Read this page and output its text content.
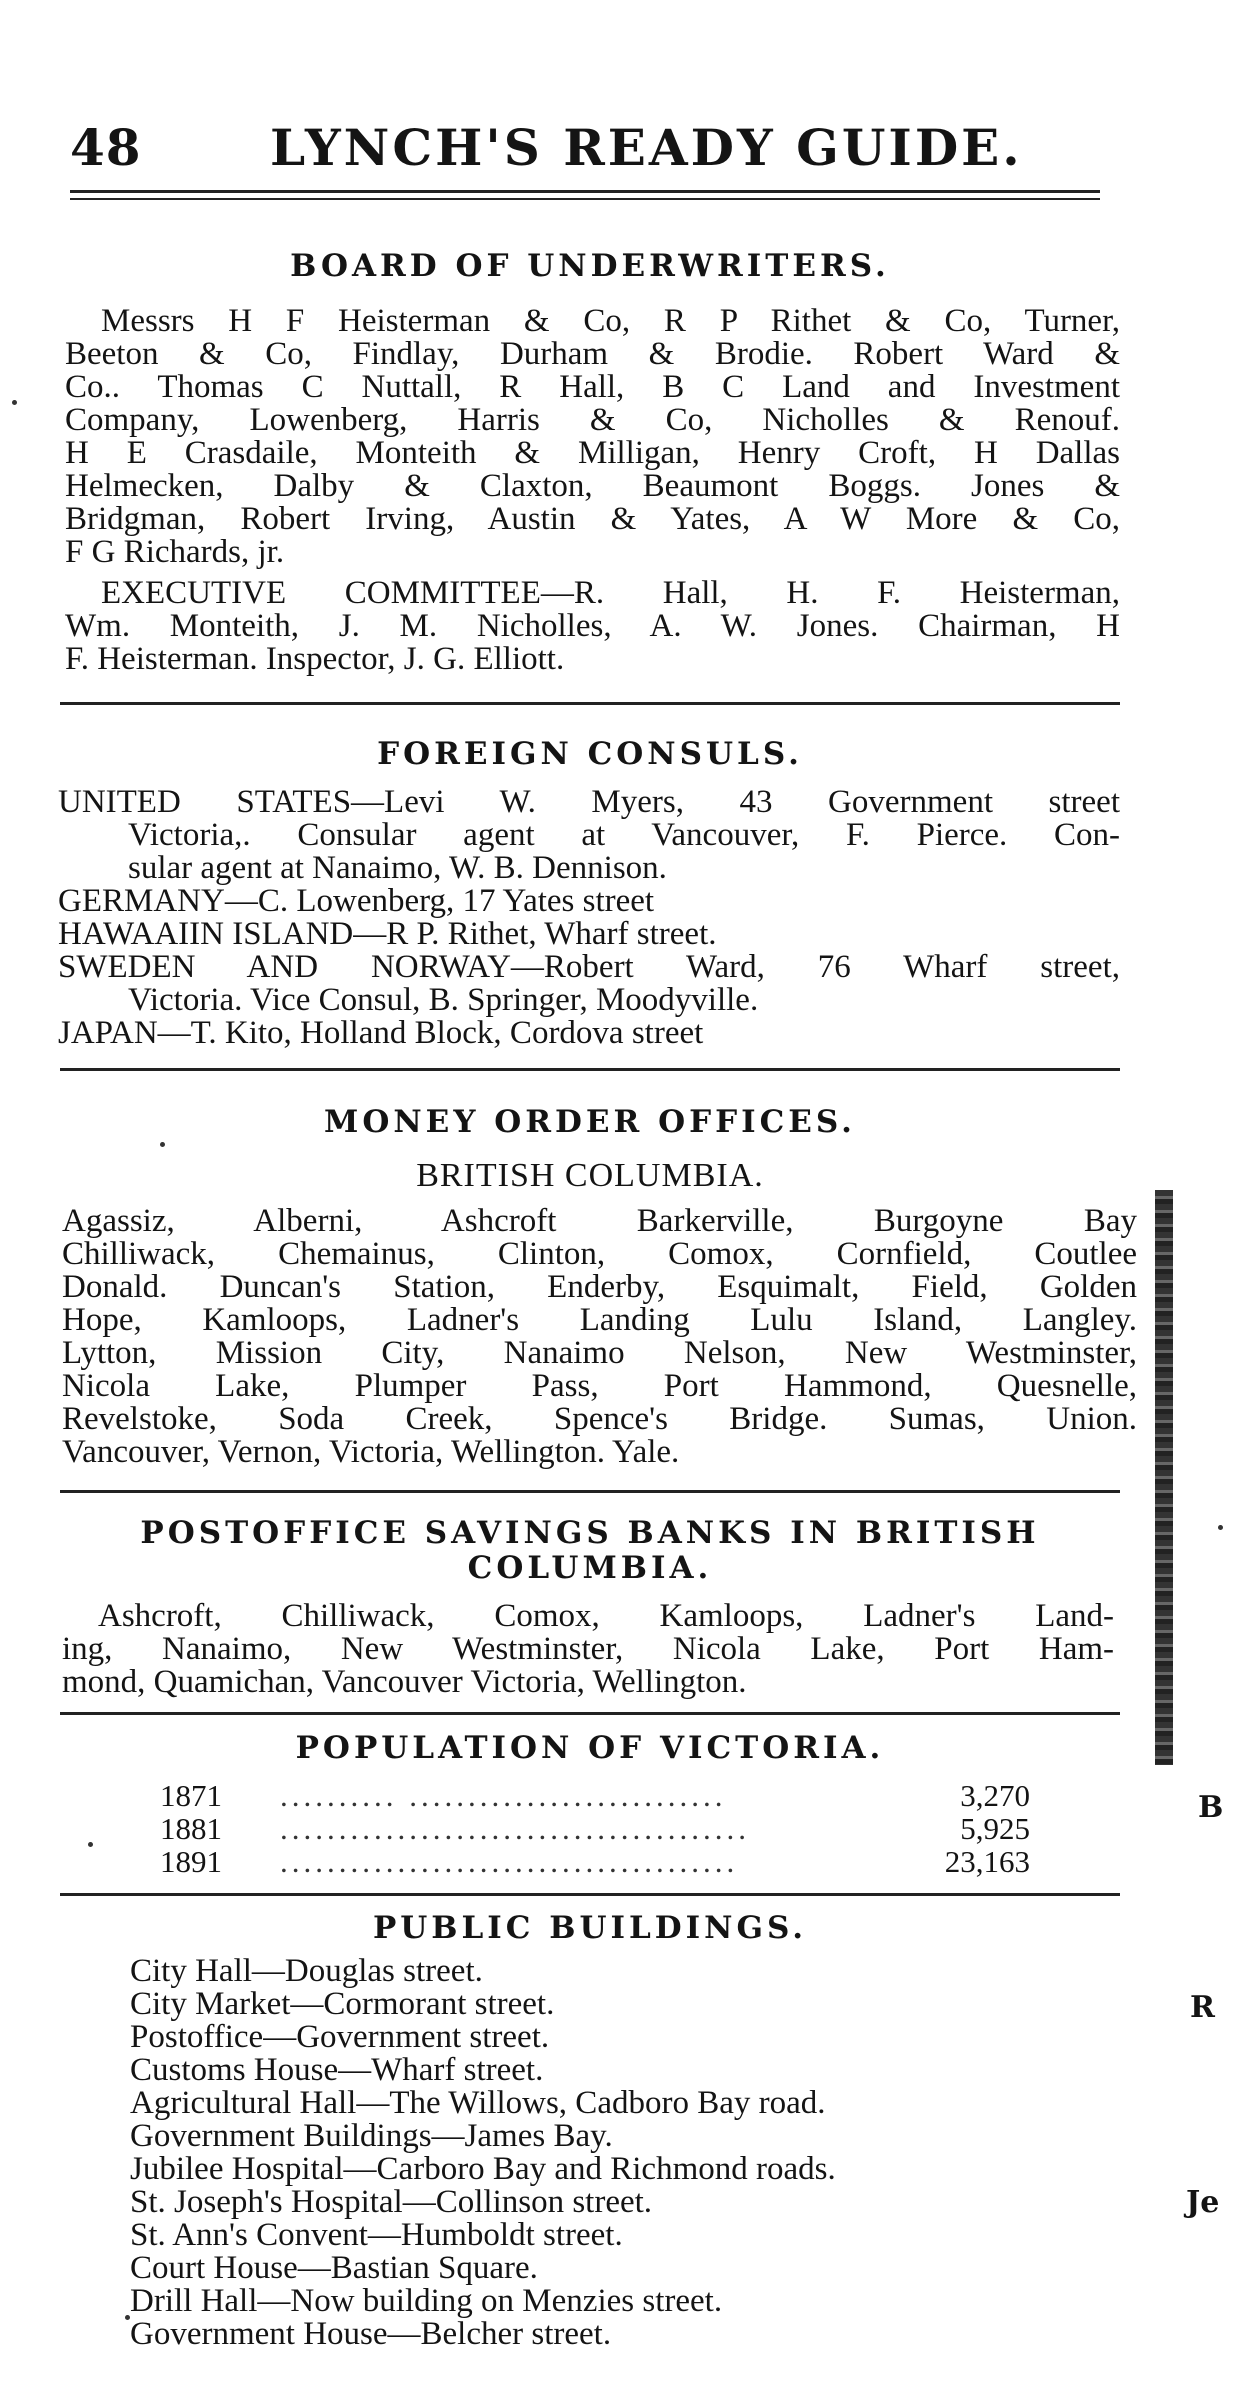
48	LYNCH'S READY GUIDE.
BOARD OF UNDERWRITERS.
Messrs H F Heisterman & Co, R P Rithet & Co, Turner,
Beeton & Co, Findlay, Durham & Brodie. Robert Ward &
Co.. Thomas C Nuttall, R Hall, B C Land and Investment
Company, Lowenberg, Harris & Co, Nicholles & Renouf.
H E Crasdaile, Monteith & Milligan, Henry Croft, H Dallas
Helmecken, Dalby & Claxton, Beaumont Boggs. Jones &
Bridgman, Robert Irving, Austin & Yates, A W More & Co,
F G Richards, jr.
EXECUTIVE COMMITTEE—R. Hall, H. F. Heisterman,
Wm. Monteith, J. M. Nicholles, A. W. Jones. Chairman, H
F. Heisterman. Inspector, J. G. Elliott.
FOREIGN CONSULS.
UNITED STATES—Levi W. Myers, 43 Government street
Victoria,. Consular agent at Vancouver, F. Pierce. Con-
sular agent at Nanaimo, W. B. Dennison.
GERMANY—C. Lowenberg, 17 Yates street
HAWAAIIN ISLAND—R P. Rithet, Wharf street.
SWEDEN AND NORWAY—Robert Ward, 76 Wharf street,
Victoria. Vice Consul, B. Springer, Moodyville.
JAPAN—T. Kito, Holland Block, Cordova street
MONEY ORDER OFFICES.
BRITISH COLUMBIA.
Agassiz, Alberni, Ashcroft Barkerville, Burgoyne Bay
Chilliwack, Chemainus, Clinton, Comox, Cornfield, Coutlee
Donald. Duncan's Station, Enderby, Esquimalt, Field, Golden
Hope, Kamloops, Ladner's Landing Lulu Island, Langley.
Lytton, Mission City, Nanaimo Nelson, New Westminster,
Nicola Lake, Plumper Pass, Port Hammond, Quesnelle,
Revelstoke, Soda Creek, Spence's Bridge. Sumas, Union.
Vancouver, Vernon, Victoria, Wellington. Yale.
POSTOFFICE SAVINGS BANKS IN BRITISH
COLUMBIA.
Ashcroft, Chilliwack, Comox, Kamloops, Ladner's Land-
ing, Nanaimo, New Westminster, Nicola Lake, Port Ham-
mond, Quamichan, Vancouver Victoria, Wellington.
POPULATION OF VICTORIA.
1871 .......... ...........................	3,270
1881 ........................................	5,925
1891 .......................................	23,163
PUBLIC BUILDINGS.
City Hall—Douglas street.
City Market—Cormorant street.
Postoffice—Government street.
Customs House—Wharf street.
Agricultural Hall—The Willows, Cadboro Bay road.
Government Buildings—James Bay.
Jubilee Hospital—Carboro Bay and Richmond roads.
St. Joseph's Hospital—Collinson street.
St. Ann's Convent—Humboldt street.
Court House—Bastian Square.
Drill Hall—Now building on Menzies street.
Government House—Belcher street.
B
R
Je
